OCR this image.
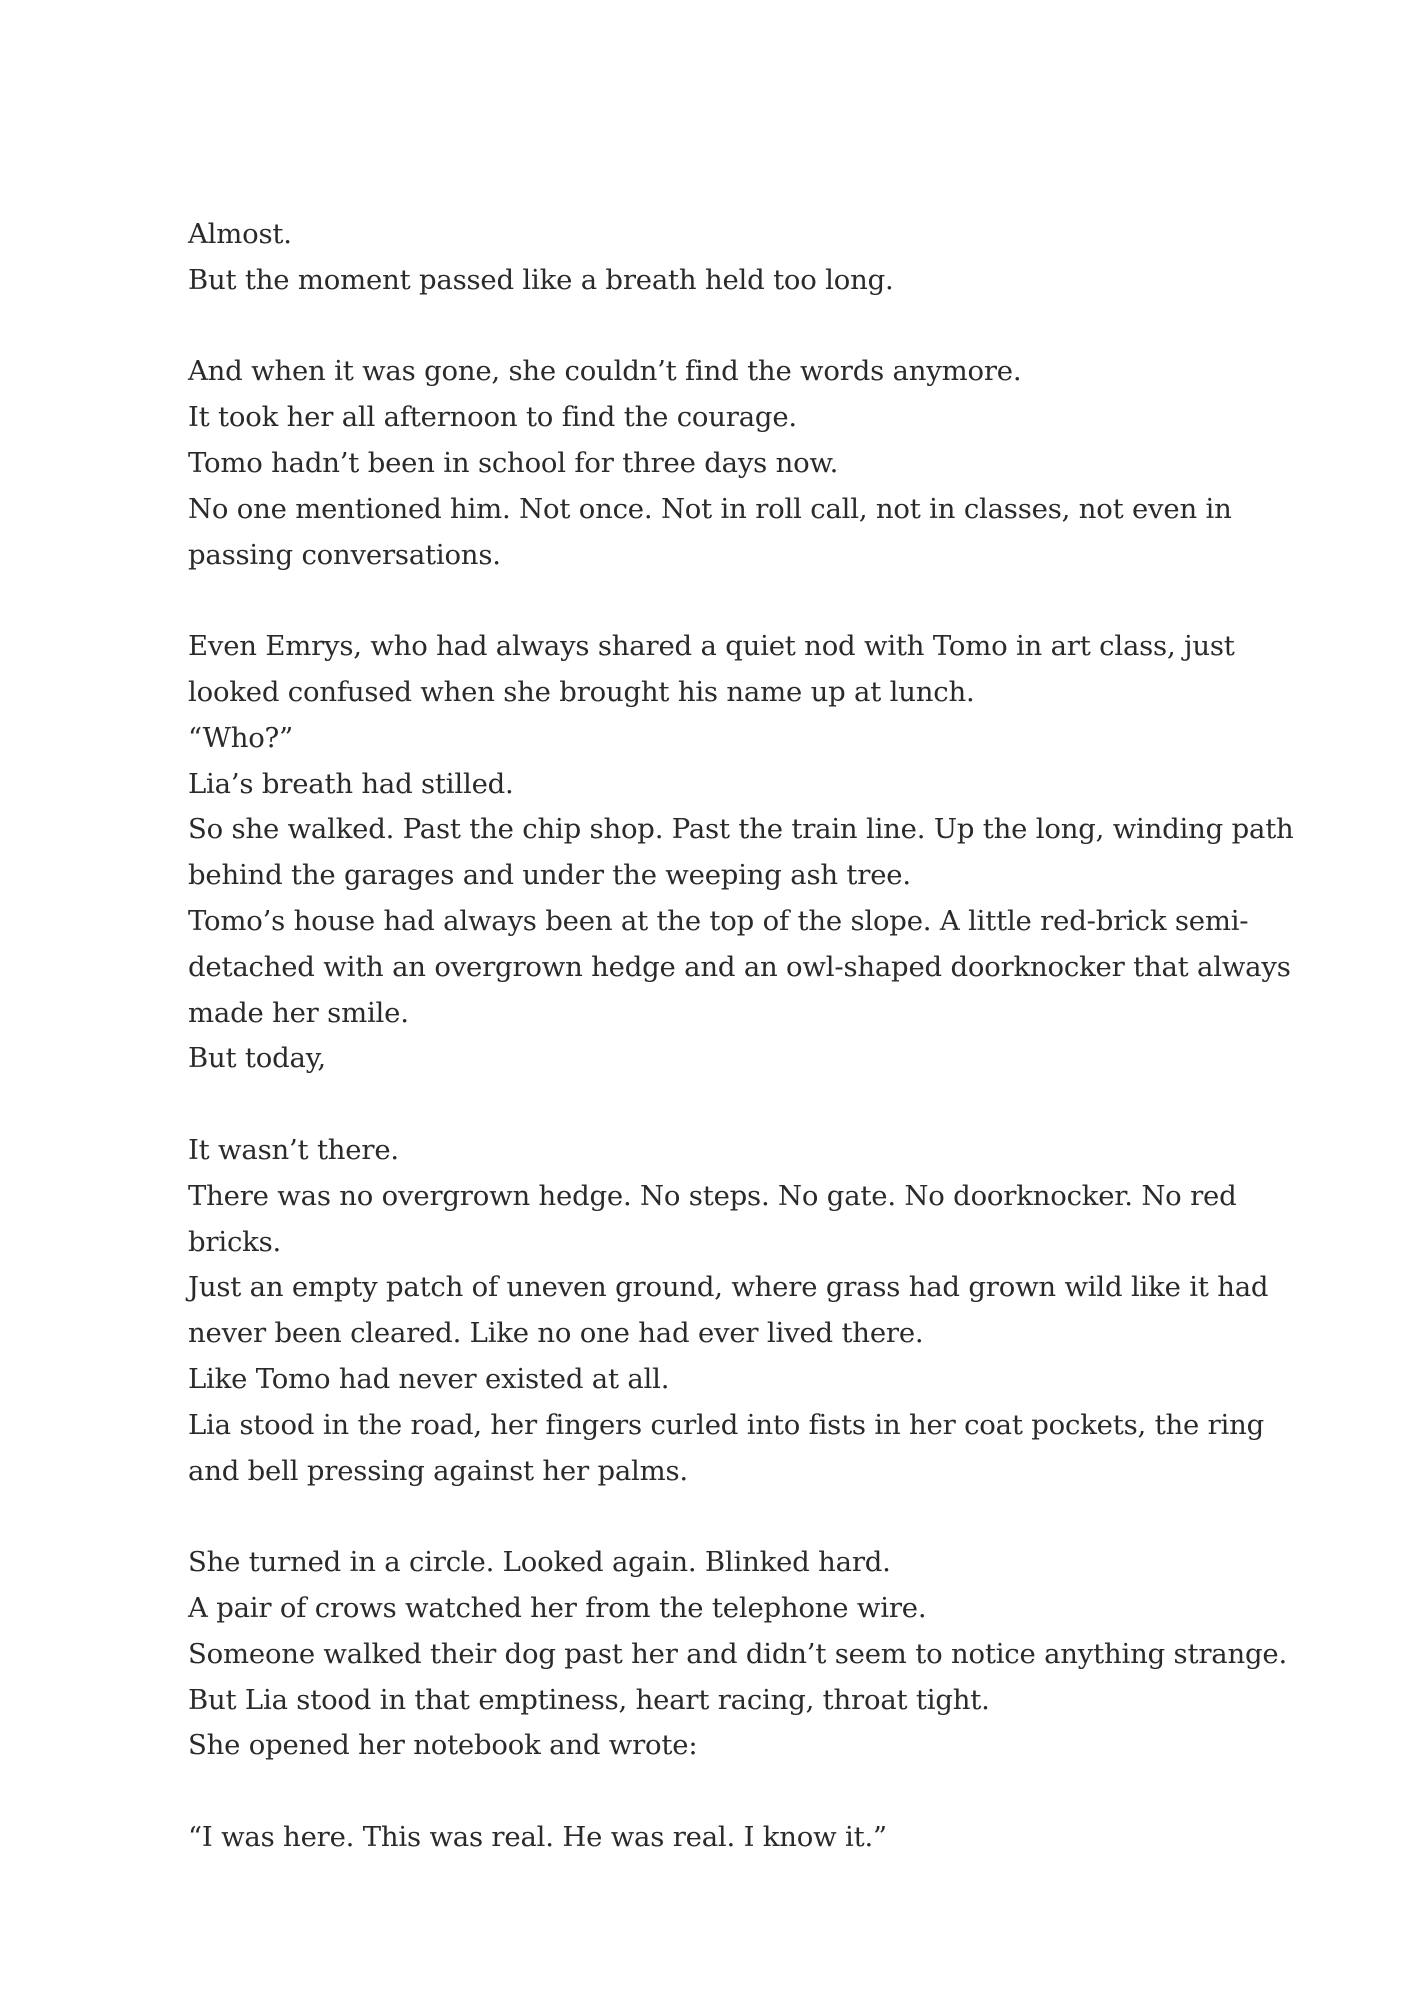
Almost.
But the moment passed like a breath held too long.

And when it was gone, she couldn’t find the words anymore.
It took her all afternoon to find the courage.
Tomo hadn’t been in school for three days now.
No one mentioned him. Not once. Not in roll call, not in classes, not even in
passing conversations.

Even Emrys, who had always shared a quiet nod with Tomo in art class, just
looked confused when she brought his name up at lunch.
“Who?”
Lia’s breath had stilled.
So she walked. Past the chip shop. Past the train line. Up the long, winding path
behind the garages and under the weeping ash tree.
Tomo’s house had always been at the top of the slope. A little red-brick semi-
detached with an overgrown hedge and an owl-shaped doorknocker that always
made her smile.
But today,

It wasn’t there.
There was no overgrown hedge. No steps. No gate. No doorknocker. No red
bricks.
Just an empty patch of uneven ground, where grass had grown wild like it had
never been cleared. Like no one had ever lived there.
Like Tomo had never existed at all.
Lia stood in the road, her fingers curled into fists in her coat pockets, the ring
and bell pressing against her palms.

She turned in a circle. Looked again. Blinked hard.
A pair of crows watched her from the telephone wire.
Someone walked their dog past her and didn’t seem to notice anything strange.
But Lia stood in that emptiness, heart racing, throat tight.
She opened her notebook and wrote:

“I was here. This was real. He was real. I know it.”
